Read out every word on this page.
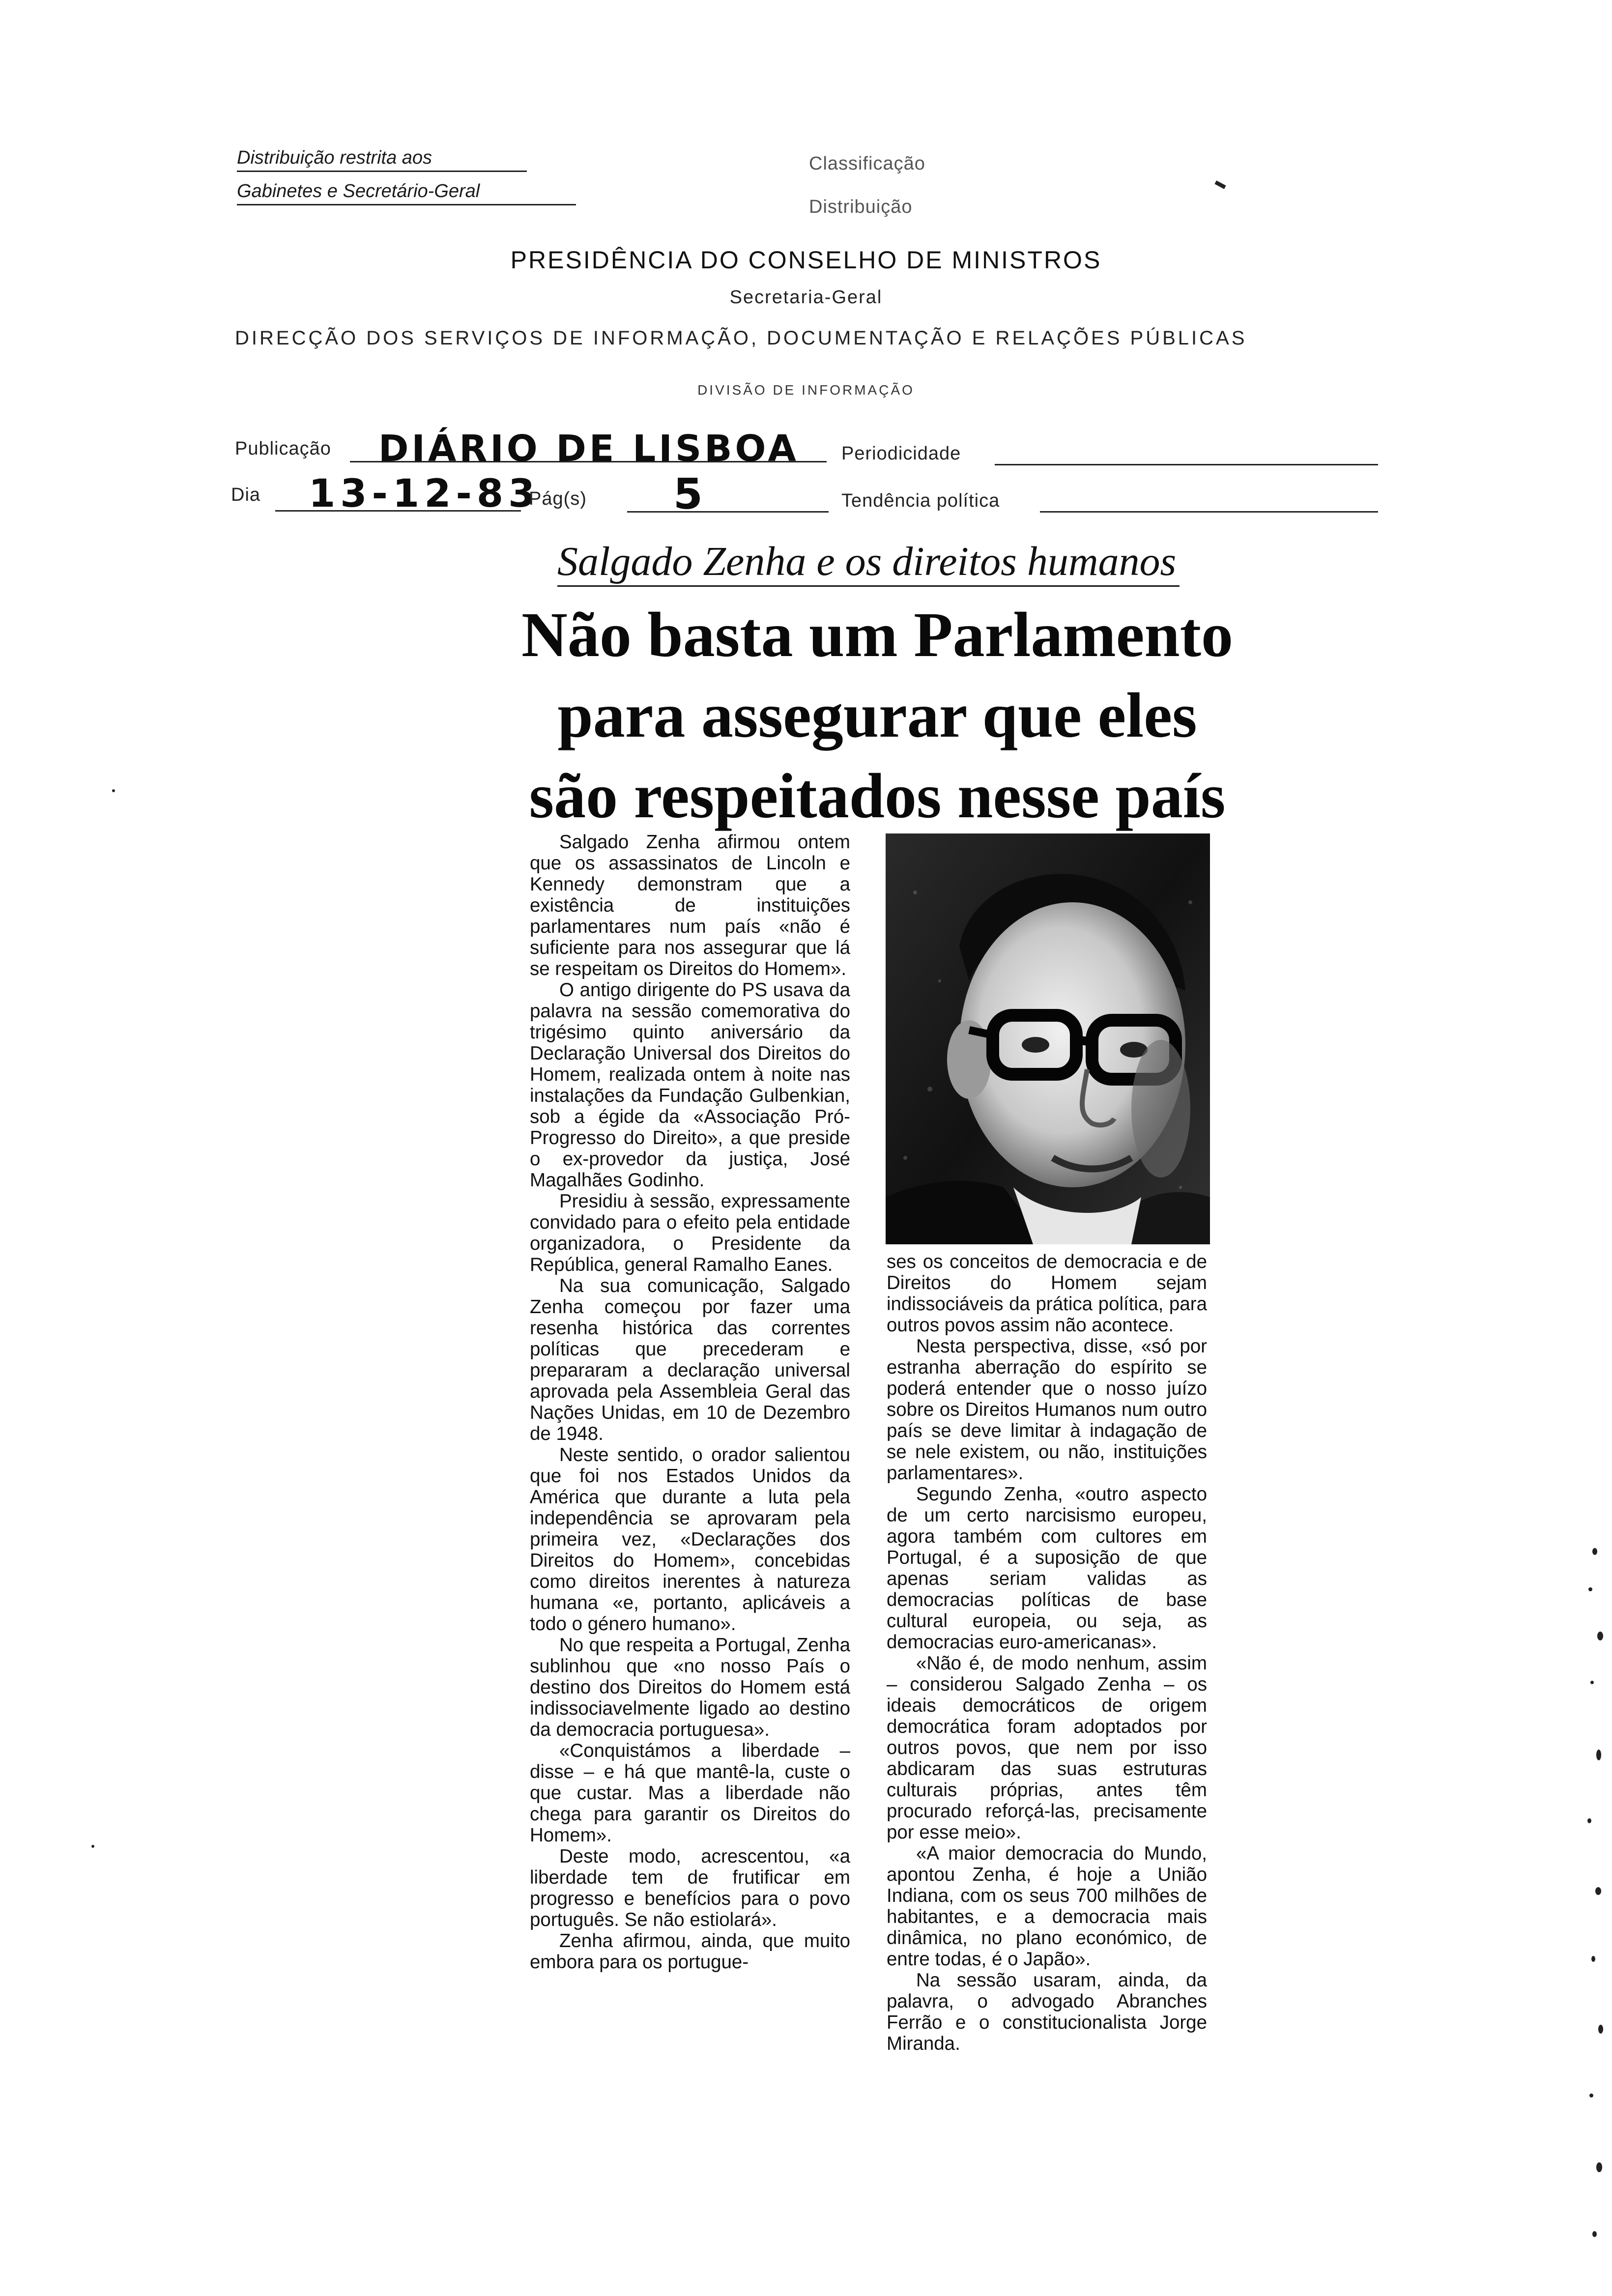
Distribuição restrita aos
Gabinetes e Secretário-Geral
Classificação
Distribuição
PRESIDÊNCIA DO CONSELHO DE MINISTROS
Secretaria-Geral
DIRECÇÃO DOS SERVIÇOS DE INFORMAÇÃO, DOCUMENTAÇÃO E RELAÇÕES PÚBLICAS
DIVISÃO DE INFORMAÇÃO
Publicação DIÁRIO DE LISBOA Periodicidade
Dia 13-12-83
Pág(s) 5	Tendência política
Salgado Zenha e os direitos humanos
Não basta um Parlamento
para assegurar que eles
são respeitados nesse país

Salgado Zenha afirmou ontem que os assassinatos de Lincoln e Kennedy demonstram que a existência de instituições parlamentares num país «não é suficiente para nos assegurar que lá se respeitam os Direitos do Homem».

O antigo dirigente do PS usava da palavra na sessão comemorativa do trigésimo quinto aniversário da Declaração Universal dos Direitos do Homem, realizada ontem à noite nas instalações da Fundação Gulbenkian, sob a égide da «Associação Pró-Progresso do Direito», a que preside o ex-provedor da justiça, José Magalhães Godinho.

Presidiu à sessão, expressamente convidado para o efeito pela entidade organizadora, o Presidente da República, general Ramalho Eanes.

Na sua comunicação, Salgado Zenha começou por fazer uma resenha histórica das correntes políticas que precederam e prepararam a declaração universal aprovada pela Assembleia Geral das Nações Unidas, em 10 de Dezembro de 1948.

Neste sentido, o orador salientou que foi nos Estados Unidos da América que durante a luta pela independência se aprovaram pela primeira vez, «Declarações dos Direitos do Homem», concebidas como direitos inerentes à natureza humana «e, portanto, aplicáveis a todo o género humano».

No que respeita a Portugal, Zenha sublinhou que «no nosso País o destino dos Direitos do Homem está indissociavelmente ligado ao destino da democracia portuguesa».

«Conquistámos a liberdade – disse – e há que mantê-la, custe o que custar. Mas a liberdade não chega para garantir os Direitos do Homem».

Deste modo, acrescentou, «a liberdade tem de frutificar em progresso e benefícios para o povo português. Se não estiolará».

Zenha afirmou, ainda, que muito embora para os portugue-

ses os conceitos de democracia e de Direitos do Homem sejam indissociáveis da prática política, para outros povos assim não acontece.

Nesta perspectiva, disse, «só por estranha aberração do espírito se poderá entender que o nosso juízo sobre os Direitos Humanos num outro país se deve limitar à indagação de se nele existem, ou não, instituições parlamentares».

Segundo Zenha, «outro aspecto de um certo narcisismo europeu, agora também com cultores em Portugal, é a suposição de que apenas seriam validas as democracias políticas de base cultural europeia, ou seja, as democracias euro-americanas».

«Não é, de modo nenhum, assim – considerou Salgado Zenha – os ideais democráticos de origem democrática foram adoptados por outros povos, que nem por isso abdicaram das suas estruturas culturais próprias, antes têm procurado reforçá-las, precisamente por esse meio».

«A maior democracia do Mundo, apontou Zenha, é hoje a União Indiana, com os seus 700 milhões de habitantes, e a democracia mais dinâmica, no plano económico, de entre todas, é o Japão».

Na sessão usaram, ainda, da palavra, o advogado Abranches Ferrão e o constitucionalista Jorge Miranda.
